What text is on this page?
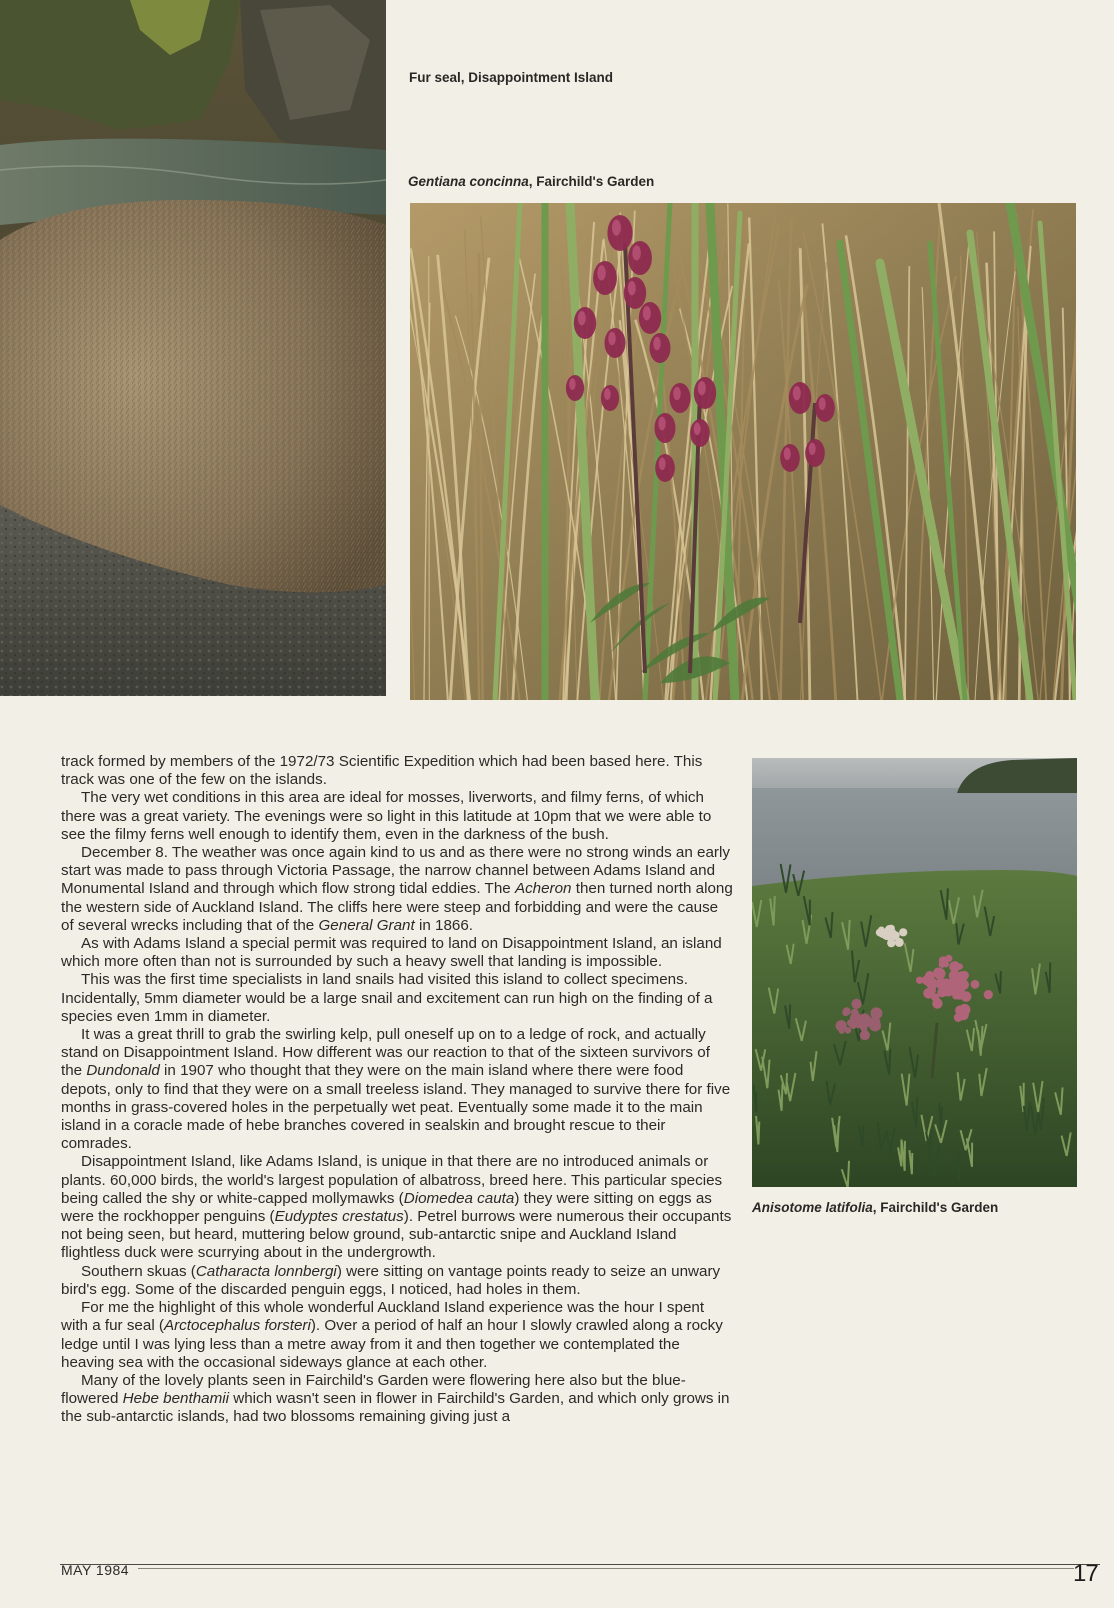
Fur seal, Disappointment Island
Gentiana concinna, Fairchild's Garden
Anisotome latifolia, Fairchild's Garden

track formed by members of the 1972/73 Scientific Expedition which had been based here. This track was one of the few on the islands.

The very wet conditions in this area are ideal for mosses, liverworts, and filmy ferns, of which there was a great variety. The evenings were so light in this latitude at 10pm that we were able to see the filmy ferns well enough to identify them, even in the darkness of the bush.

December 8. The weather was once again kind to us and as there were no strong winds an early start was made to pass through Victoria Passage, the narrow channel between Adams Island and Monumental Island and through which flow strong tidal eddies. The Acheron then turned north along the western side of Auckland Island. The cliffs here were steep and forbidding and were the cause of several wrecks including that of the General Grant in 1866.

As with Adams Island a special permit was required to land on Disappointment Island, an island which more often than not is surrounded by such a heavy swell that landing is impossible.

This was the first time specialists in land snails had visited this island to collect specimens. Incidentally, 5mm diameter would be a large snail and excitement can run high on the finding of a species even 1mm in diameter.

It was a great thrill to grab the swirling kelp, pull oneself up on to a ledge of rock, and actually stand on Disappointment Island. How different was our reaction to that of the sixteen survivors of the Dundonald in 1907 who thought that they were on the main island where there were food depots, only to find that they were on a small treeless island. They managed to survive there for five months in grass-covered holes in the perpetually wet peat. Eventually some made it to the main island in a coracle made of hebe branches covered in sealskin and brought rescue to their comrades.

Disappointment Island, like Adams Island, is unique in that there are no introduced animals or plants. 60,000 birds, the world's largest population of albatross, breed here. This particular species being called the shy or white-capped mollymawks (Diomedea cauta) they were sitting on eggs as were the rockhopper penguins (Eudyptes crestatus). Petrel burrows were numerous their occupants not being seen, but heard, muttering below ground, sub-antarctic snipe and Auckland Island flightless duck were scurrying about in the undergrowth.

Southern skuas (Catharacta lonnbergi) were sitting on vantage points ready to seize an unwary bird's egg. Some of the discarded penguin eggs, I noticed, had holes in them.

For me the highlight of this whole wonderful Auckland Island experience was the hour I spent with a fur seal (Arctocephalus forsteri). Over a period of half an hour I slowly crawled along a rocky ledge until I was lying less than a metre away from it and then together we contemplated the heaving sea with the occasional sideways glance at each other.

Many of the lovely plants seen in Fairchild's Garden were flowering here also but the blue-flowered Hebe benthamii which wasn't seen in flower in Fairchild's Garden, and which only grows in the sub-antarctic islands, had two blossoms remaining giving just a

MAY 1984	17
